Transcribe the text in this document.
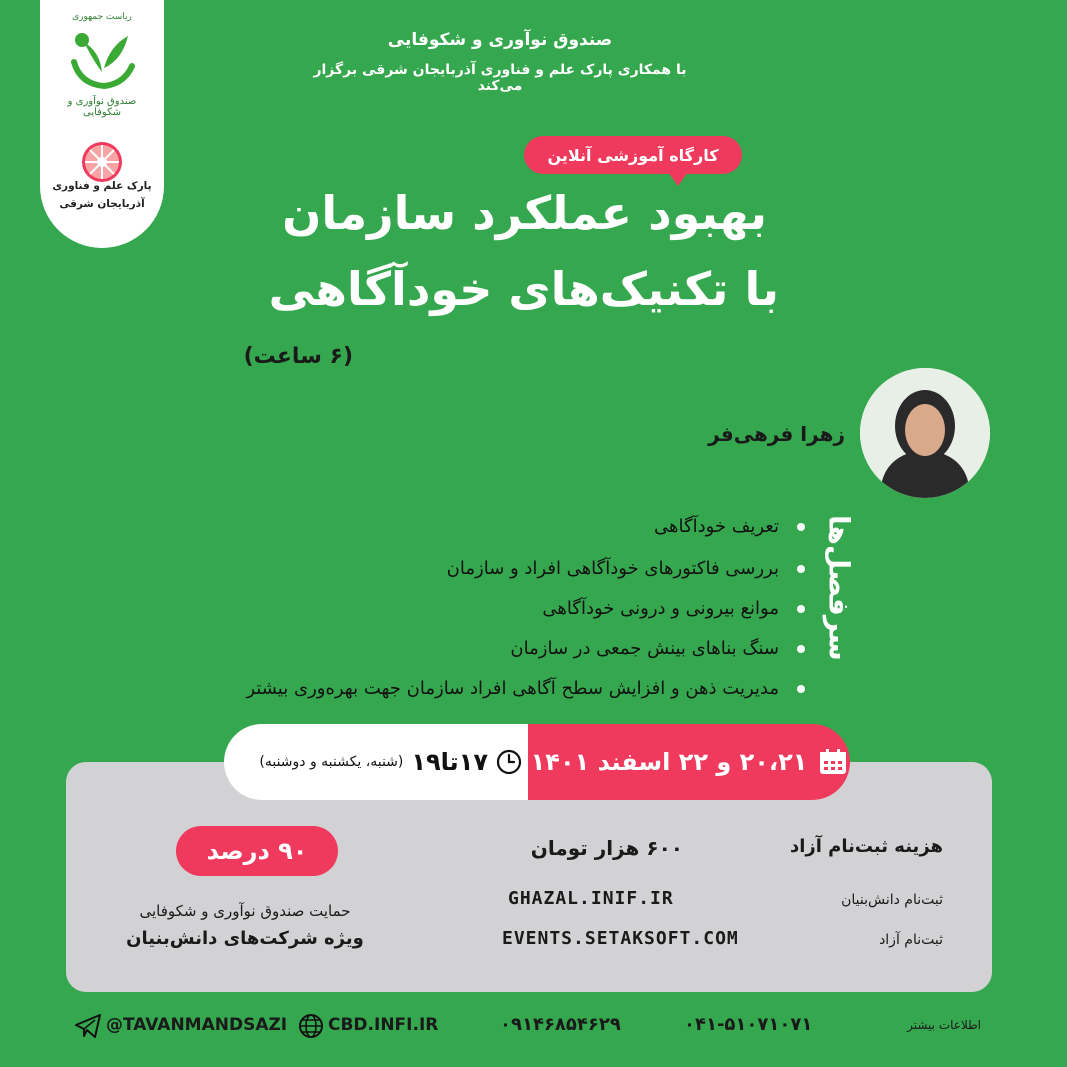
ریاست جمهوری
صندوق نوآوری و شکوفایی
پارک علم و فناوری
آذربایجان شرقی
صندوق نوآوری و شکوفایی
با همکاری پارک علم و فناوری آذربایجان شرقی برگزار می‌کند
کارگاه آموزشی آنلاین
بهبود عملکرد سازمان
با تکنیک‌های خودآگاهی
(۶ ساعت)
زهرا فرهی‌فر
سرفصل‌ها
تعریف خودآگاهی
بررسی فاکتورهای خودآگاهی افراد و سازمان
موانع بیرونی و درونی خودآگاهی
سنگ بناهای بینش جمعی در سازمان
مدیریت ذهن و افزایش سطح آگاهی افراد سازمان جهت بهره‌وری بیشتر
۲۰،۲۱ و ۲۲ اسفند ۱۴۰۱
۱۷تا۱۹
(شنبه، یکشنبه و دوشنبه)
هزینه ثبت‌نام آزاد
۶۰۰ هزار تومان
ثبت‌نام دانش‌بنیان
ثبت‌نام آزاد
GHAZAL.INIF.IR
EVENTS.SETAKSOFT.COM
۹۰ درصد
حمایت صندوق نوآوری و شکوفایی
ویژه شرکت‌های دانش‌بنیان
اطلاعات بیشتر
۰۴۱-۵۱۰۷۱۰۷۱
۰۹۱۴۶۸۵۴۶۲۹
CBD.INFI.IR
@TAVANMANDSAZI
